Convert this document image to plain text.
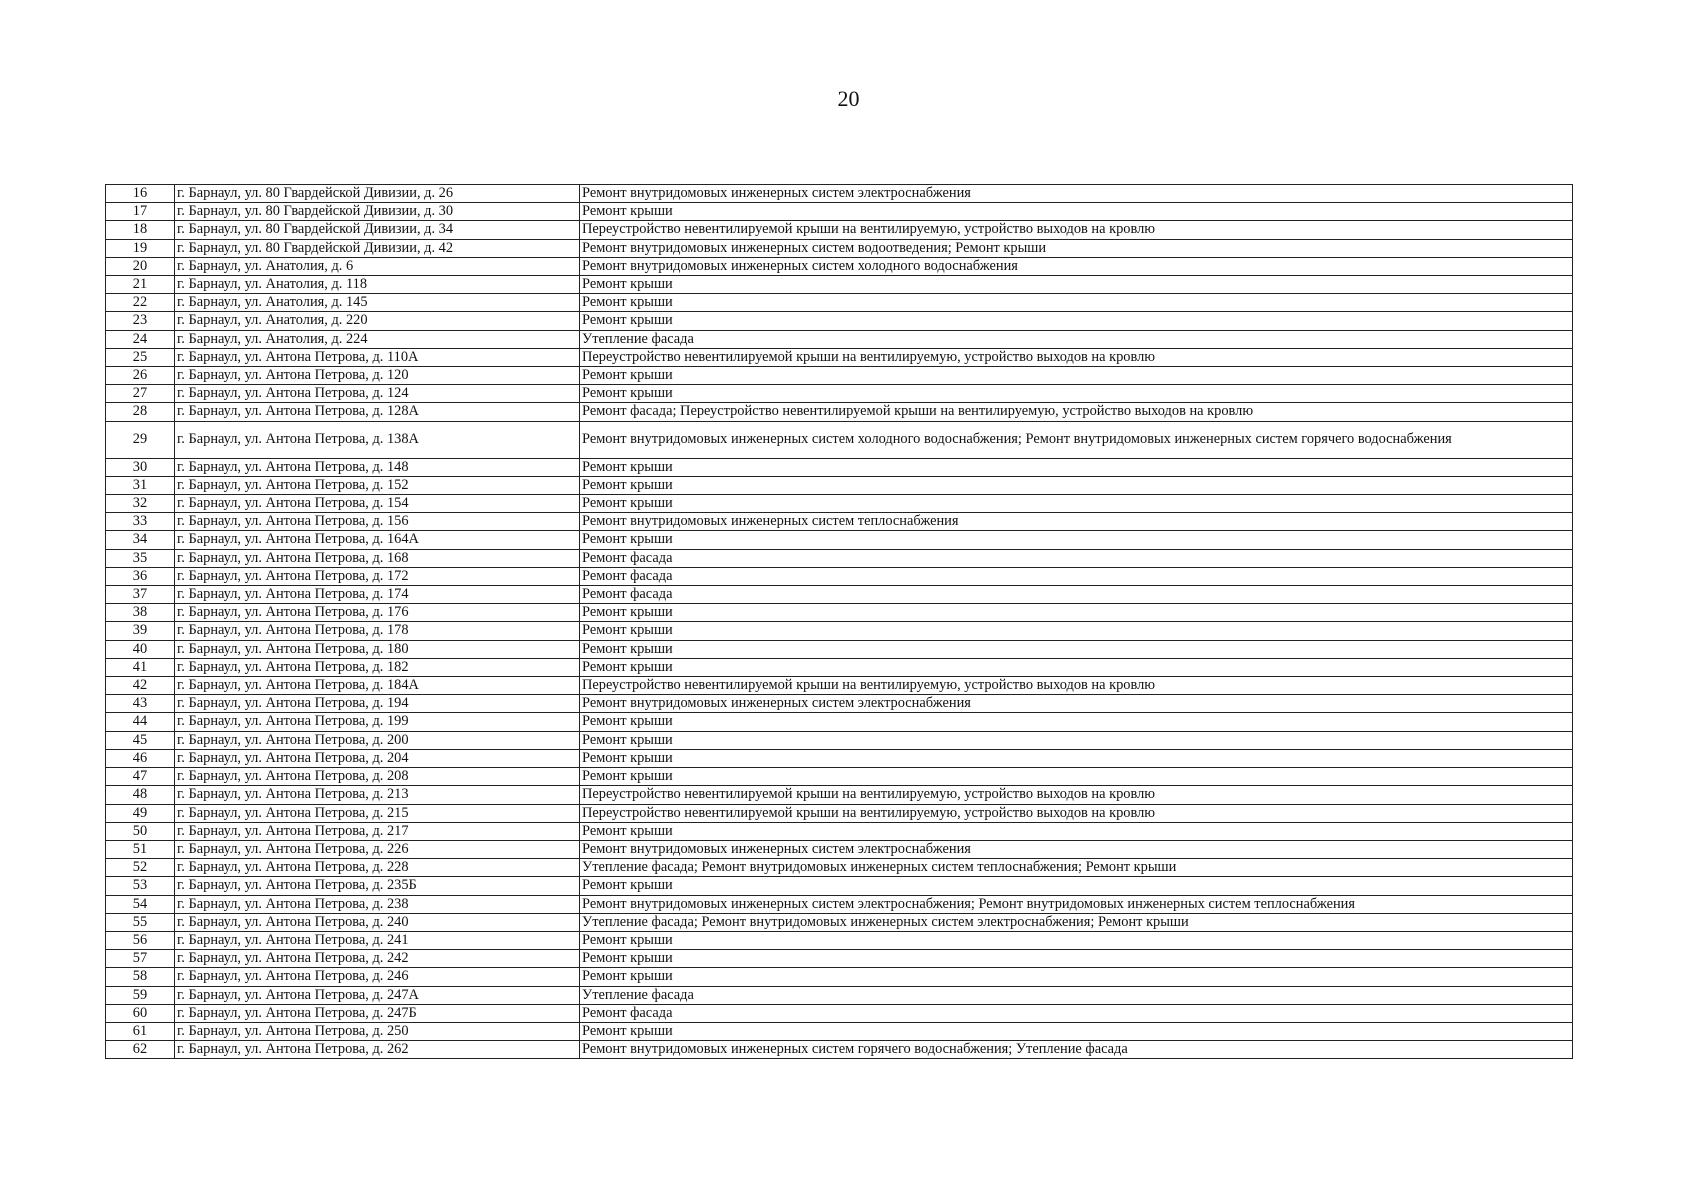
20
16	г. Барнаул, ул. 80 Гвардейской Дивизии, д. 26	Ремонт внутридомовых инженерных систем электроснабжения
17	г. Барнаул, ул. 80 Гвардейской Дивизии, д. 30	Ремонт крыши
18	г. Барнаул, ул. 80 Гвардейской Дивизии, д. 34	Переустройство невентилируемой крыши на вентилируемую, устройство выходов на кровлю
19	г. Барнаул, ул. 80 Гвардейской Дивизии, д. 42	Ремонт внутридомовых инженерных систем водоотведения; Ремонт крыши
20	г. Барнаул, ул. Анатолия, д. 6	Ремонт внутридомовых инженерных систем холодного водоснабжения
21	г. Барнаул, ул. Анатолия, д. 118	Ремонт крыши
22	г. Барнаул, ул. Анатолия, д. 145	Ремонт крыши
23	г. Барнаул, ул. Анатолия, д. 220	Ремонт крыши
24	г. Барнаул, ул. Анатолия, д. 224	Утепление фасада
25	г. Барнаул, ул. Антона Петрова, д. 110А	Переустройство невентилируемой крыши на вентилируемую, устройство выходов на кровлю
26	г. Барнаул, ул. Антона Петрова, д. 120	Ремонт крыши
27	г. Барнаул, ул. Антона Петрова, д. 124	Ремонт крыши
28	г. Барнаул, ул. Антона Петрова, д. 128А	Ремонт фасада; Переустройство невентилируемой крыши на вентилируемую, устройство выходов на кровлю
29	г. Барнаул, ул. Антона Петрова, д. 138А	Ремонт внутридомовых инженерных систем холодного водоснабжения; Ремонт внутридомовых инженерных систем горячего водоснабжения
30	г. Барнаул, ул. Антона Петрова, д. 148	Ремонт крыши
31	г. Барнаул, ул. Антона Петрова, д. 152	Ремонт крыши
32	г. Барнаул, ул. Антона Петрова, д. 154	Ремонт крыши
33	г. Барнаул, ул. Антона Петрова, д. 156	Ремонт внутридомовых инженерных систем теплоснабжения
34	г. Барнаул, ул. Антона Петрова, д. 164А	Ремонт крыши
35	г. Барнаул, ул. Антона Петрова, д. 168	Ремонт фасада
36	г. Барнаул, ул. Антона Петрова, д. 172	Ремонт фасада
37	г. Барнаул, ул. Антона Петрова, д. 174	Ремонт фасада
38	г. Барнаул, ул. Антона Петрова, д. 176	Ремонт крыши
39	г. Барнаул, ул. Антона Петрова, д. 178	Ремонт крыши
40	г. Барнаул, ул. Антона Петрова, д. 180	Ремонт крыши
41	г. Барнаул, ул. Антона Петрова, д. 182	Ремонт крыши
42	г. Барнаул, ул. Антона Петрова, д. 184А	Переустройство невентилируемой крыши на вентилируемую, устройство выходов на кровлю
43	г. Барнаул, ул. Антона Петрова, д. 194	Ремонт внутридомовых инженерных систем электроснабжения
44	г. Барнаул, ул. Антона Петрова, д. 199	Ремонт крыши
45	г. Барнаул, ул. Антона Петрова, д. 200	Ремонт крыши
46	г. Барнаул, ул. Антона Петрова, д. 204	Ремонт крыши
47	г. Барнаул, ул. Антона Петрова, д. 208	Ремонт крыши
48	г. Барнаул, ул. Антона Петрова, д. 213	Переустройство невентилируемой крыши на вентилируемую, устройство выходов на кровлю
49	г. Барнаул, ул. Антона Петрова, д. 215	Переустройство невентилируемой крыши на вентилируемую, устройство выходов на кровлю
50	г. Барнаул, ул. Антона Петрова, д. 217	Ремонт крыши
51	г. Барнаул, ул. Антона Петрова, д. 226	Ремонт внутридомовых инженерных систем электроснабжения
52	г. Барнаул, ул. Антона Петрова, д. 228	Утепление фасада; Ремонт внутридомовых инженерных систем теплоснабжения; Ремонт крыши
53	г. Барнаул, ул. Антона Петрова, д. 235Б	Ремонт крыши
54	г. Барнаул, ул. Антона Петрова, д. 238	Ремонт внутридомовых инженерных систем электроснабжения; Ремонт внутридомовых инженерных систем теплоснабжения
55	г. Барнаул, ул. Антона Петрова, д. 240	Утепление фасада; Ремонт внутридомовых инженерных систем электроснабжения; Ремонт крыши
56	г. Барнаул, ул. Антона Петрова, д. 241	Ремонт крыши
57	г. Барнаул, ул. Антона Петрова, д. 242	Ремонт крыши
58	г. Барнаул, ул. Антона Петрова, д. 246	Ремонт крыши
59	г. Барнаул, ул. Антона Петрова, д. 247А	Утепление фасада
60	г. Барнаул, ул. Антона Петрова, д. 247Б	Ремонт фасада
61	г. Барнаул, ул. Антона Петрова, д. 250	Ремонт крыши
62	г. Барнаул, ул. Антона Петрова, д. 262	Ремонт внутридомовых инженерных систем горячего водоснабжения; Утепление фасада
